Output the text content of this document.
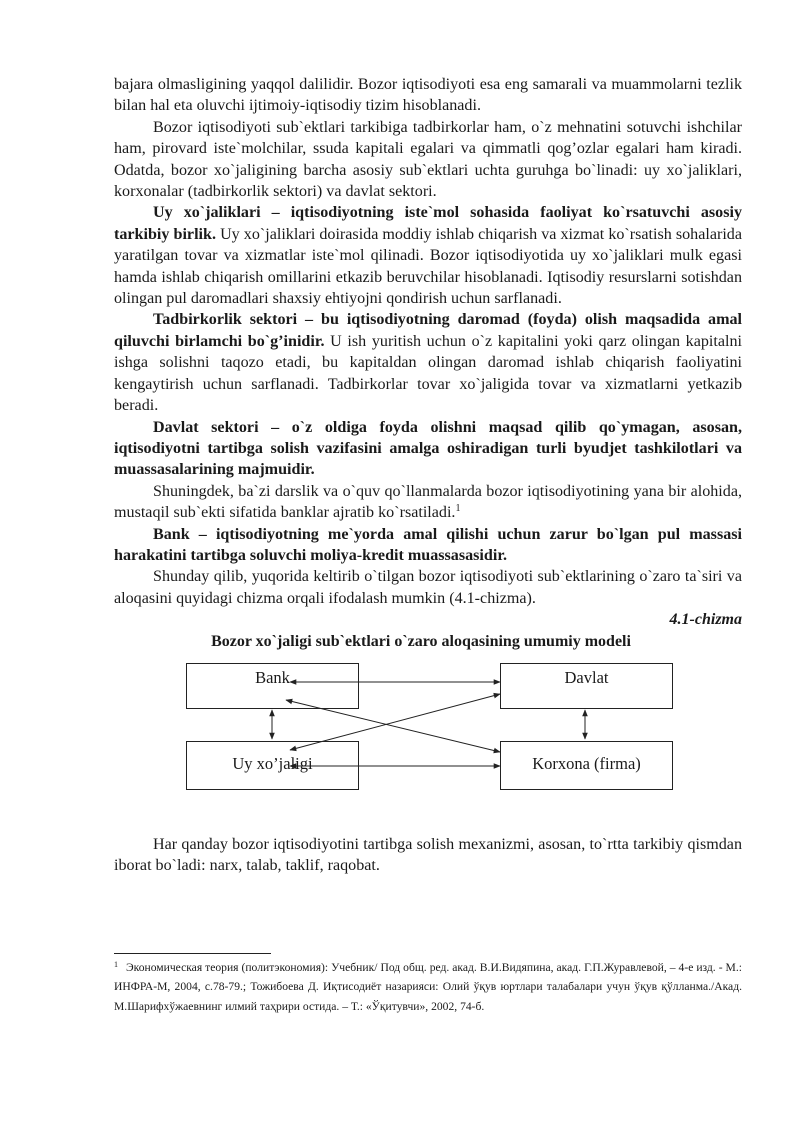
bajara olmasligining yaqqol dalilidir. Bozor iqtisodiyoti esa eng samarali va muammolarni tezlik bilan hal eta oluvchi ijtimoiy-iqtisodiy tizim hisoblanadi.

Bozor iqtisodiyoti sub`ektlari tarkibiga tadbirkorlar ham, o`z mehnatini sotuvchi ishchilar ham, pirovard iste`molchilar, ssuda kapitali egalari va qimmatli qog’ozlar egalari ham kiradi. Odatda, bozor xo`jaligining barcha asosiy sub`ektlari uchta guruhga bo`linadi: uy xo`jaliklari, korxonalar (tadbirkorlik sektori) va davlat sektori.

Uy xo`jaliklari – iqtisodiyotning iste`mol sohasida faoliyat ko`rsatuvchi asosiy tarkibiy birlik. Uy xo`jaliklari doirasida moddiy ishlab chiqarish va xizmat ko`rsatish sohalarida yaratilgan tovar va xizmatlar iste`mol qilinadi. Bozor iqtisodiyotida uy xo`jaliklari mulk egasi hamda ishlab chiqarish omillarini etkazib beruvchilar hisoblanadi. Iqtisodiy resurslarni sotishdan olingan pul daromadlari shaxsiy ehtiyojni qondirish uchun sarflanadi.

Tadbirkorlik sektori – bu iqtisodiyotning daromad (foyda) olish maqsadida amal qiluvchi birlamchi bo`g’inidir. U ish yuritish uchun o`z kapitalini yoki qarz olingan kapitalni ishga solishni taqozo etadi, bu kapitaldan olingan daromad ishlab chiqarish faoliyatini kengaytirish uchun sarflanadi. Tadbirkorlar tovar xo`jaligida tovar va xizmatlarni yetkazib beradi.

Davlat sektori – o`z oldiga foyda olishni maqsad qilib qo`ymagan, asosan, iqtisodiyotni tartibga solish vazifasini amalga oshiradigan turli byudjet tashkilotlari va muassasalarining majmuidir.

Shuningdek, ba`zi darslik va o`quv qo`llanmalarda bozor iqtisodiyotining yana bir alohida, mustaqil sub`ekti sifatida banklar ajratib ko`rsatiladi.$^1$

Bank – iqtisodiyotning me`yorda amal qilishi uchun zarur bo`lgan pul massasi harakatini tartibga soluvchi moliya-kredit muassasasidir.

Shunday qilib, yuqorida keltirib o`tilgan bozor iqtisodiyoti sub`ektlarining o`zaro ta`siri va aloqasini quyidagi chizma orqali ifodalash mumkin (4.1-chizma).

4.1-chizma
Bozor xo`jaligi sub`ektlari o`zaro aloqasining umumiy modeli
Bank	Davlat
Uy xo’jaligi	Korxona (firma)

Har qanday bozor iqtisodiyotini tartibga solish mexanizmi, asosan, to`rtta tarkibiy qismdan iborat bo`ladi: narx, talab, taklif, raqobat.

$^1$ Экономическая теория (политэкономия): Учебник/ Под общ. ред. акад. В.И.Видяпина, акад. Г.П.Журавлевой, – 4-е изд. - М.: ИНФРА-М, 2004, с.78-79.; Тожибоева Д. Иқтисодиёт назарияси: Олий ўқув юртлари талабалари учун ўқув қўлланма./Акад. М.Шарифхўжаевнинг илмий таҳрири остида. – Т.: «Ўқитувчи», 2002, 74-б.
